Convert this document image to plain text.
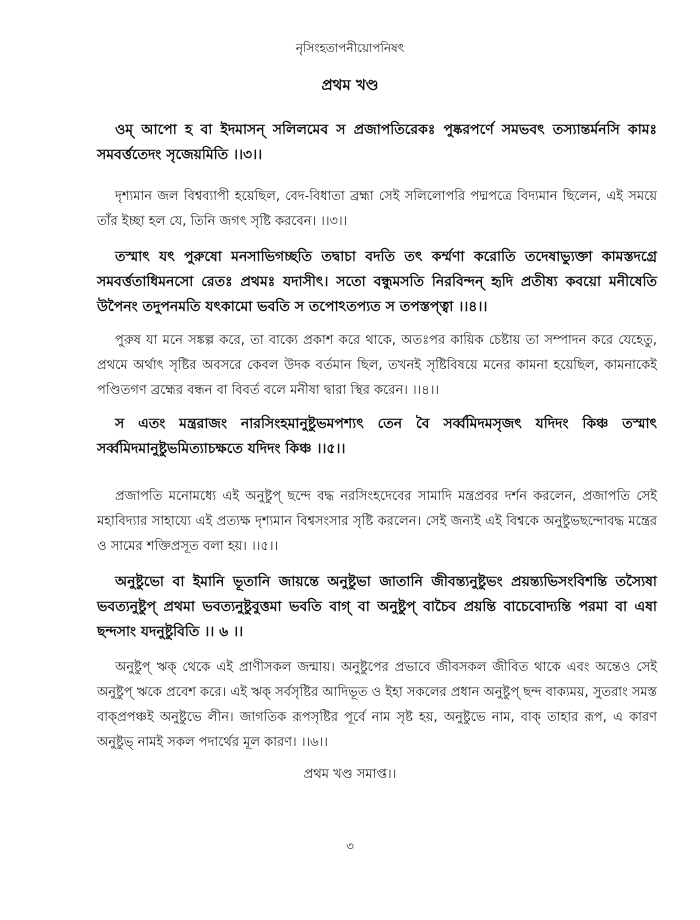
নৃসিংহতাপনীয়োপনিষৎ
প্রথম খণ্ড

ওম্ আপো হ বা ইদমাসন্ সলিলমেব স প্রজাপতিরেকঃ পুষ্করপর্ণে সমভবৎ তস্যান্তর্মনসি কামঃ সমবর্ত্ততেদং সৃজেয়মিতি ।।৩।।

দৃশ্যমান জল বিশ্বব্যাপী হয়েছিল, বেদ-বিধাতা ব্রহ্মা সেই সলিলোপরি পদ্মপত্রে বিদ্যমান ছিলেন, এই সময়ে তাঁর ইচ্ছা হল যে, তিনি জগৎ সৃষ্টি করবেন। ।।৩।।

তস্মাৎ যৎ পুরুষো মনসাভিগচ্ছতি তদ্বাচা বদতি তৎ কর্ম্মণা করোতি তদেষাভ্যুক্তা কামস্তদগ্রে সমবর্ত্ততাধিমনসো রেতঃ প্রথমঃ যদাসীৎ। সতো বন্ধুমসতি নিরবিন্দন্ হৃদি প্রতীষ্য কবয়ো মনীষেতি উপৈনং তদুপনমতি যৎকামো ভবতি স তপোঽতপ্যত স তপস্তপ্ত্বা ।।৪।।

পুরুষ যা মনে সঙ্কল্প করে, তা বাক্যে প্রকাশ করে থাকে, অতঃপর কায়িক চেষ্টায় তা সম্পাদন করে যেহেতু, প্রথমে অর্থাৎ সৃষ্টির অবসরে কেবল উদক বর্তমান ছিল, তখনই সৃষ্টিবিষয়ে মনের কামনা হয়েছিল, কামনাকেই পণ্ডিতগণ ব্রহ্মের বন্ধন বা বিবর্ত বলে মনীষা দ্বারা স্থির করেন। ।।৪।।

স এতং মন্ত্ররাজং নারসিংহমানুষ্টুভমপশ্যৎ তেন বৈ সর্ব্বমিদমসৃজৎ যদিদং কিঞ্চ তস্মাৎ সর্ব্বমিদমানুষ্টুভমিত্যাচক্ষতে যদিদং কিঞ্চ ।।৫।।

প্রজাপতি মনোমধ্যে এই অনুষ্টুপ্ ছন্দে বদ্ধ নরসিংহদেবের সামাদি মন্ত্রপ্রবর দর্শন করলেন, প্রজাপতি সেই মহাবিদ্যার সাহায্যে এই প্রত্যক্ষ দৃশ্যমান বিশ্বসংসার সৃষ্টি করলেন। সেই জন্যই এই বিশ্বকে অনুষ্টুভছন্দোবদ্ধ মন্ত্রের ও সামের শক্তিপ্রসূত বলা হয়। ।।৫।।

অনুষ্টুভো বা ইমানি ভূতানি জায়ন্তে অনুষ্টুভা জাতানি জীবন্ত্যনুষ্টুভং প্রয়ন্ত্যভিসংবিশন্তি তস্যৈষা ভবত্যনুষ্টুপ্ প্রথমা ভবত্যনুষ্টুবুত্তমা ভবতি বাগ্ বা অনুষ্টুপ্ বাচৈব প্রয়ন্তি বাচেবোদ্যন্তি পরমা বা এষা ছন্দসাং যদনুষ্টুবিতি ।। ৬ ।।

অনুষ্টুপ্ ঋক্ থেকে এই প্রাণীসকল জন্মায়। অনুষ্টুপের প্রভাবে জীবসকল জীবিত থাকে এবং অন্তেও সেই অনুষ্টুপ্ ঋকে প্রবেশ করে। এই ঋক্ সর্বসৃষ্টির আদিভূত ও ইহা সকলের প্রধান অনুষ্টুপ্ ছন্দ বাক্যময়, সুতরাং সমস্ত বাক্প্রপঞ্চই অনুষ্টুভে লীন। জাগতিক রূপসৃষ্টির পূর্বে নাম সৃষ্ট হয়, অনুষ্টুভে নাম, বাক্ তাহার রূপ, এ কারণ অনুষ্টুভ্ নামই সকল পদার্থের মূল কারণ। ।।৬।।

প্রথম খণ্ড সমাপ্ত।।
৩
